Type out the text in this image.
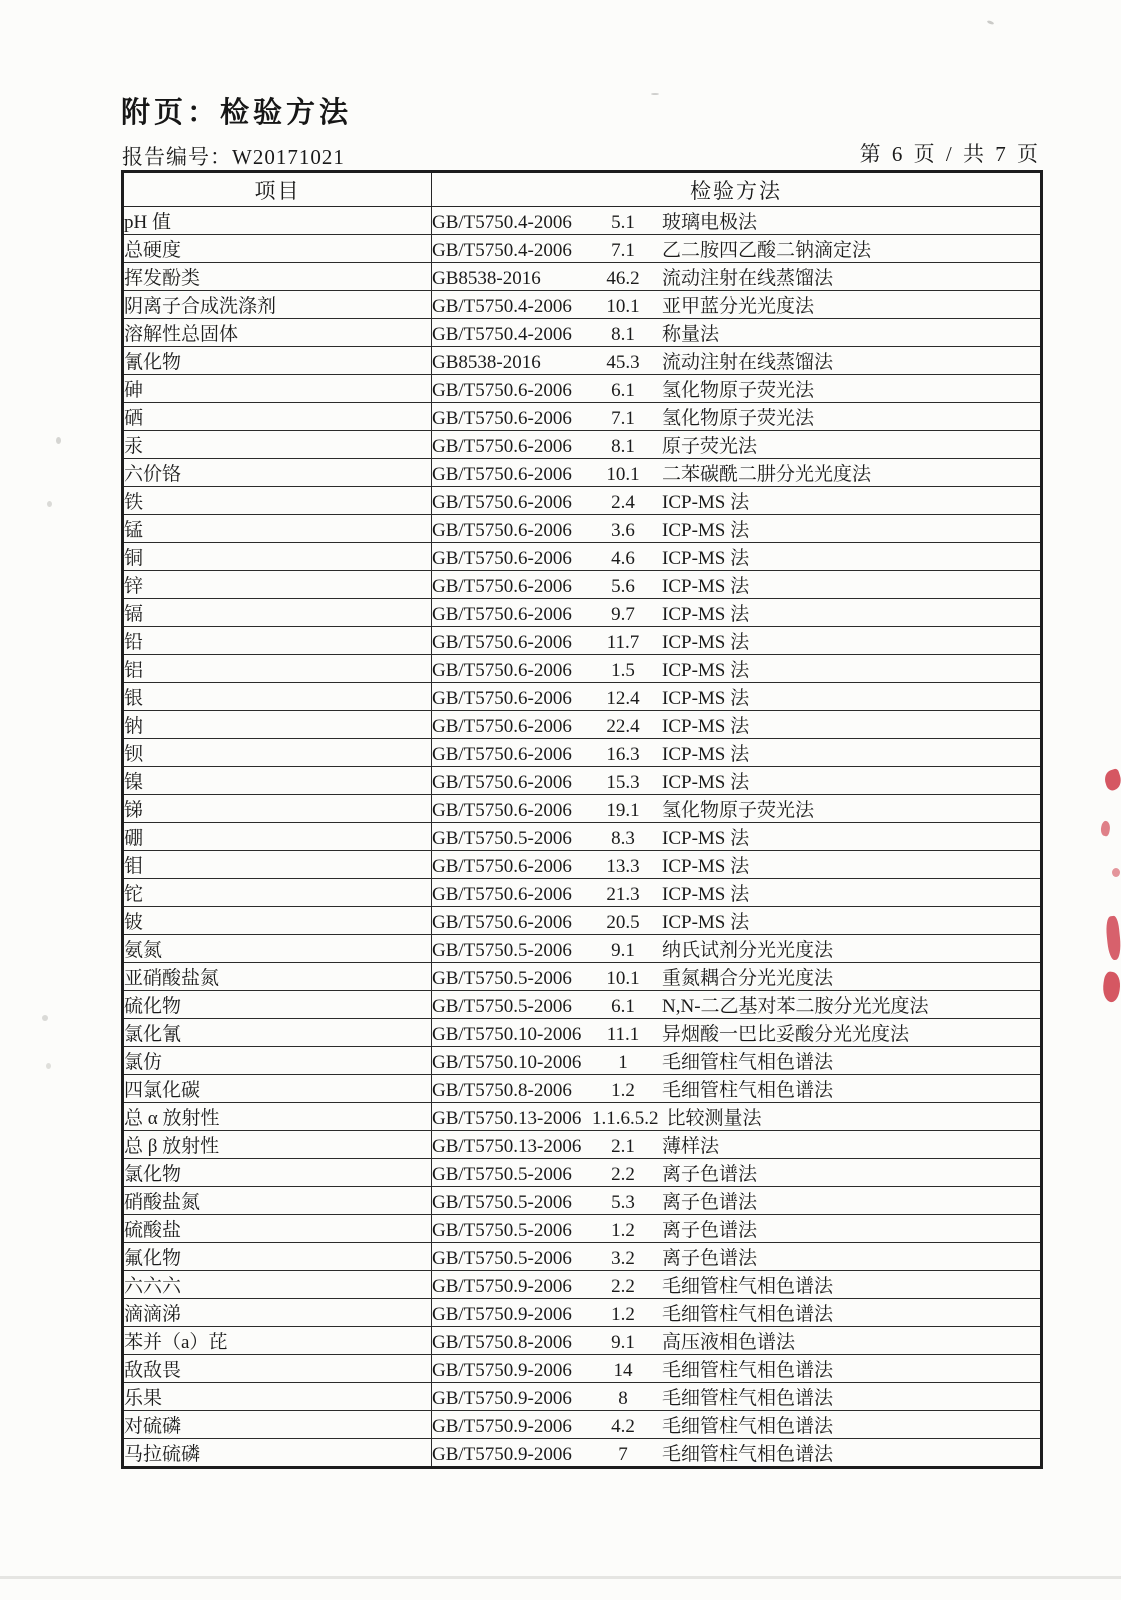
附页：检验方法
报告编号：W20171021	第 6 页 / 共 7 页
项目	检验方法
pH 值	GB/T5750.4-2006 5.1 玻璃电极法
总硬度	GB/T5750.4-2006 7.1 乙二胺四乙酸二钠滴定法
挥发酚类	GB8538-2016 46.2 流动注射在线蒸馏法
阴离子合成洗涤剂	GB/T5750.4-2006 10.1 亚甲蓝分光光度法
溶解性总固体	GB/T5750.4-2006 8.1 称量法
氰化物	GB8538-2016 45.3 流动注射在线蒸馏法
砷	GB/T5750.6-2006 6.1 氢化物原子荧光法
硒	GB/T5750.6-2006 7.1 氢化物原子荧光法
汞	GB/T5750.6-2006 8.1 原子荧光法
六价铬	GB/T5750.6-2006 10.1 二苯碳酰二肼分光光度法
铁	GB/T5750.6-2006 2.4 ICP-MS 法
锰	GB/T5750.6-2006 3.6 ICP-MS 法
铜	GB/T5750.6-2006 4.6 ICP-MS 法
锌	GB/T5750.6-2006 5.6 ICP-MS 法
镉	GB/T5750.6-2006 9.7 ICP-MS 法
铅	GB/T5750.6-2006 11.7 ICP-MS 法
铝	GB/T5750.6-2006 1.5 ICP-MS 法
银	GB/T5750.6-2006 12.4 ICP-MS 法
钠	GB/T5750.6-2006 22.4 ICP-MS 法
钡	GB/T5750.6-2006 16.3 ICP-MS 法
镍	GB/T5750.6-2006 15.3 ICP-MS 法
锑	GB/T5750.6-2006 19.1 氢化物原子荧光法
硼	GB/T5750.5-2006 8.3 ICP-MS 法
钼	GB/T5750.6-2006 13.3 ICP-MS 法
铊	GB/T5750.6-2006 21.3 ICP-MS 法
铍	GB/T5750.6-2006 20.5 ICP-MS 法
氨氮	GB/T5750.5-2006 9.1 纳氏试剂分光光度法
亚硝酸盐氮	GB/T5750.5-2006 10.1 重氮耦合分光光度法
硫化物	GB/T5750.5-2006 6.1 N,N-二乙基对苯二胺分光光度法
氯化氰	GB/T5750.10-2006 11.1 异烟酸一巴比妥酸分光光度法
氯仿	GB/T5750.10-2006 1 毛细管柱气相色谱法
四氯化碳	GB/T5750.8-2006 1.2 毛细管柱气相色谱法
总 α 放射性	GB/T5750.13-2006 1.1.6.5.2 比较测量法
总 β 放射性	GB/T5750.13-2006 2.1 薄样法
氯化物	GB/T5750.5-2006 2.2 离子色谱法
硝酸盐氮	GB/T5750.5-2006 5.3 离子色谱法
硫酸盐	GB/T5750.5-2006 1.2 离子色谱法
氟化物	GB/T5750.5-2006 3.2 离子色谱法
六六六	GB/T5750.9-2006 2.2 毛细管柱气相色谱法
滴滴涕	GB/T5750.9-2006 1.2 毛细管柱气相色谱法
苯并（a）芘	GB/T5750.8-2006 9.1 高压液相色谱法
敌敌畏	GB/T5750.9-2006 14 毛细管柱气相色谱法
乐果	GB/T5750.9-2006 8 毛细管柱气相色谱法
对硫磷	GB/T5750.9-2006 4.2 毛细管柱气相色谱法
马拉硫磷	GB/T5750.9-2006 7 毛细管柱气相色谱法
